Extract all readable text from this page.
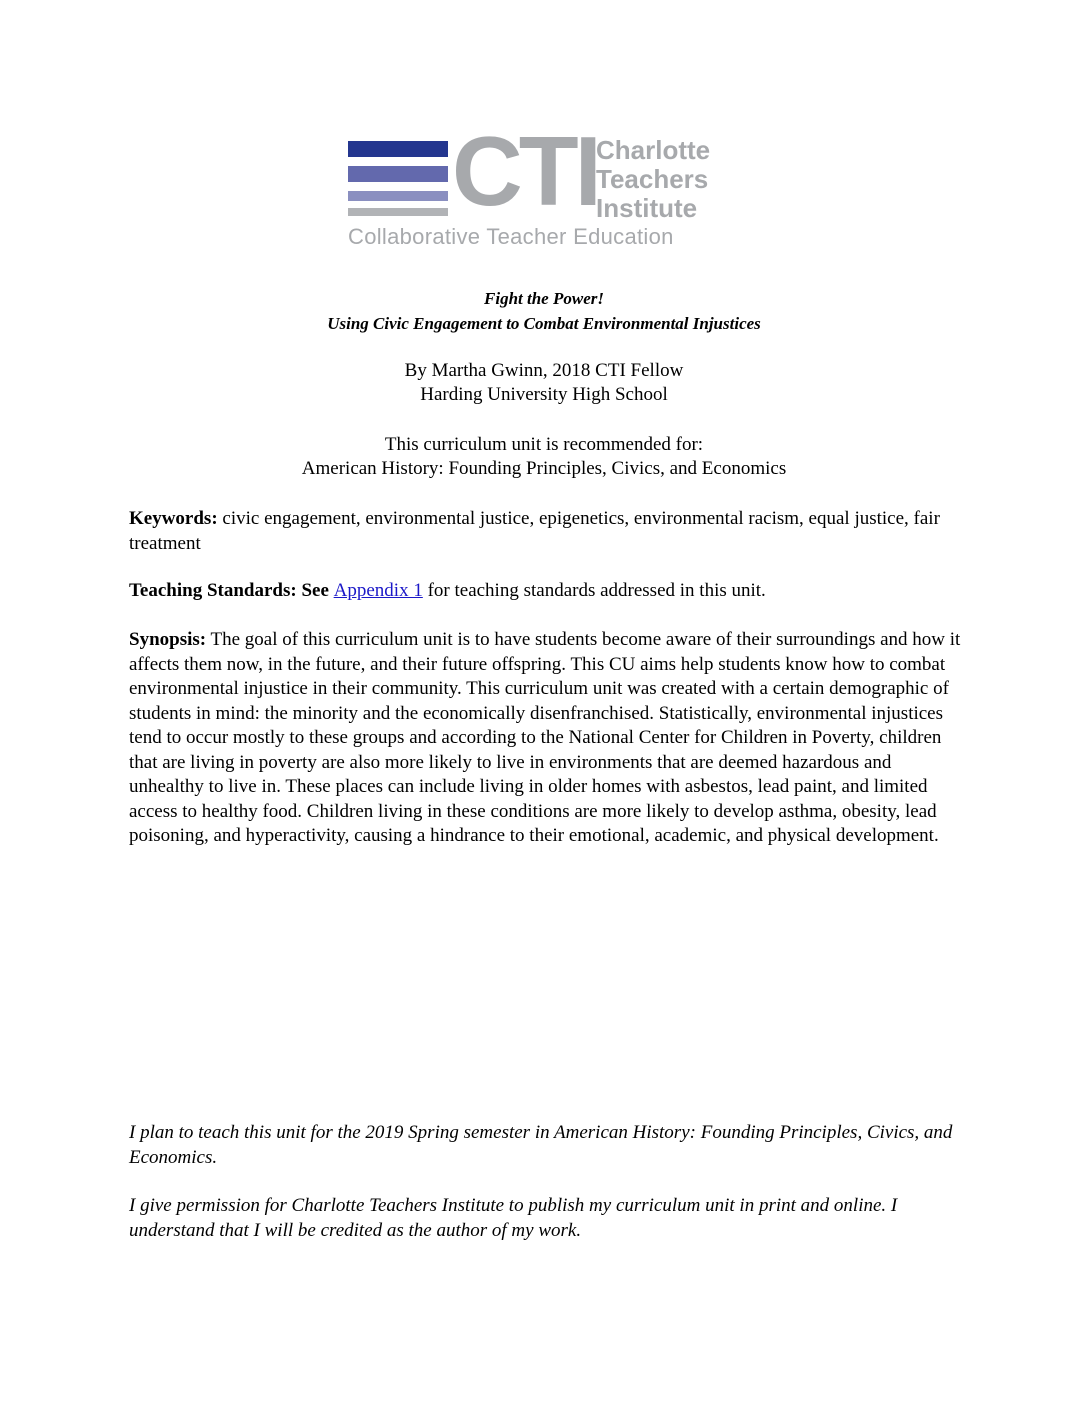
CTI
Charlotte
Teachers
Institute
Collaborative Teacher Education
Fight the Power!
Using Civic Engagement to Combat Environmental Injustices
By Martha Gwinn, 2018 CTI Fellow
Harding University High School
This curriculum unit is recommended for:
American History: Founding Principles, Civics, and Economics
Keywords: civic engagement, environmental justice, epigenetics, environmental racism, equal justice, fair treatment
Teaching Standards: See Appendix 1 for teaching standards addressed in this unit.
Synopsis: The goal of this curriculum unit is to have students become aware of their surroundings and how it affects them now, in the future, and their future offspring. This CU aims help students know how to combat environmental injustice in their community. This curriculum unit was created with a certain demographic of students in mind: the minority and the economically disenfranchised. Statistically, environmental injustices tend to occur mostly to these groups and according to the National Center for Children in Poverty, children that are living in poverty are also more likely to live in environments that are deemed hazardous and unhealthy to live in. These places can include living in older homes with asbestos, lead paint, and limited access to healthy food. Children living in these conditions are more likely to develop asthma, obesity, lead poisoning, and hyperactivity, causing a hindrance to their emotional, academic, and physical development.
I plan to teach this unit for the 2019 Spring semester in American History: Founding Principles, Civics, and Economics.
I give permission for Charlotte Teachers Institute to publish my curriculum unit in print and online. I understand that I will be credited as the author of my work.
